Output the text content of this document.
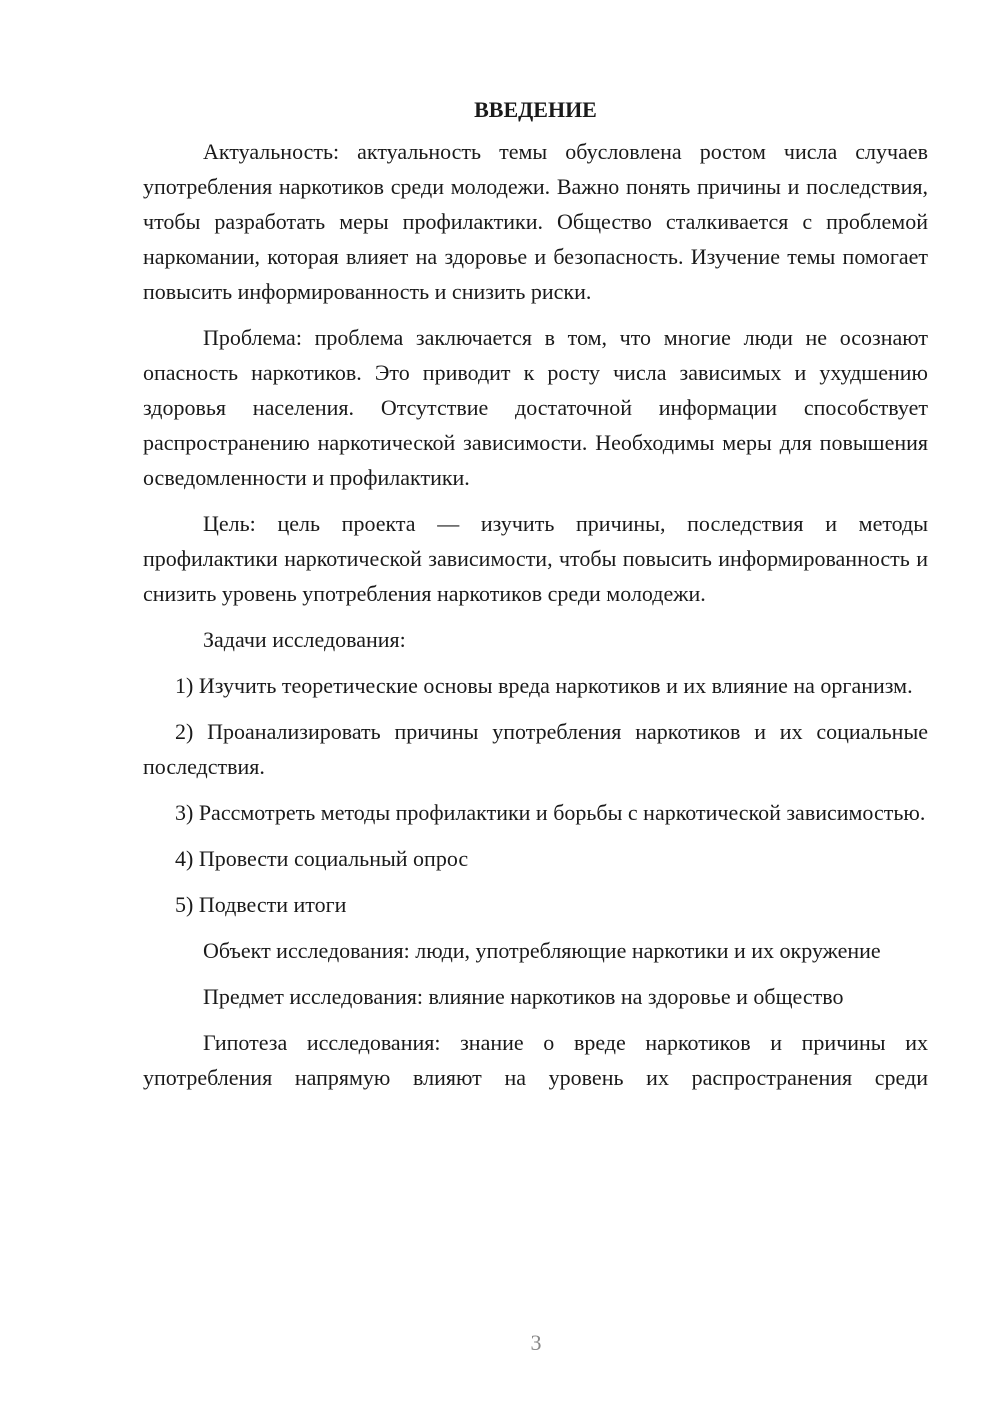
ВВЕДЕНИЕ

Актуальность: актуальность темы обусловлена ростом числа случаев употребления наркотиков среди молодежи. Важно понять причины и последствия, чтобы разработать меры профилактики. Общество сталкивается с проблемой наркомании, которая влияет на здоровье и безопасность. Изучение темы помогает повысить информированность и снизить риски.

Проблема: проблема заключается в том, что многие люди не осознают опасность наркотиков. Это приводит к росту числа зависимых и ухудшению здоровья населения. Отсутствие достаточной информации способствует распространению наркотической зависимости. Необходимы меры для повышения осведомленности и профилактики.

Цель: цель проекта — изучить причины, последствия и методы профилактики наркотической зависимости, чтобы повысить информированность и снизить уровень употребления наркотиков среди молодежи.

Задачи исследования:

1) Изучить теоретические основы вреда наркотиков и их влияние на организм.

2) Проанализировать причины употребления наркотиков и их социальные последствия.

3) Рассмотреть методы профилактики и борьбы с наркотической зависимостью.

4) Провести социальный опрос

5) Подвести итоги

Объект исследования: люди, употребляющие наркотики и их окружение

Предмет исследования: влияние наркотиков на здоровье и общество

Гипотеза исследования: знание о вреде наркотиков и причины их употребления напрямую влияют на уровень их распространения среди

3
